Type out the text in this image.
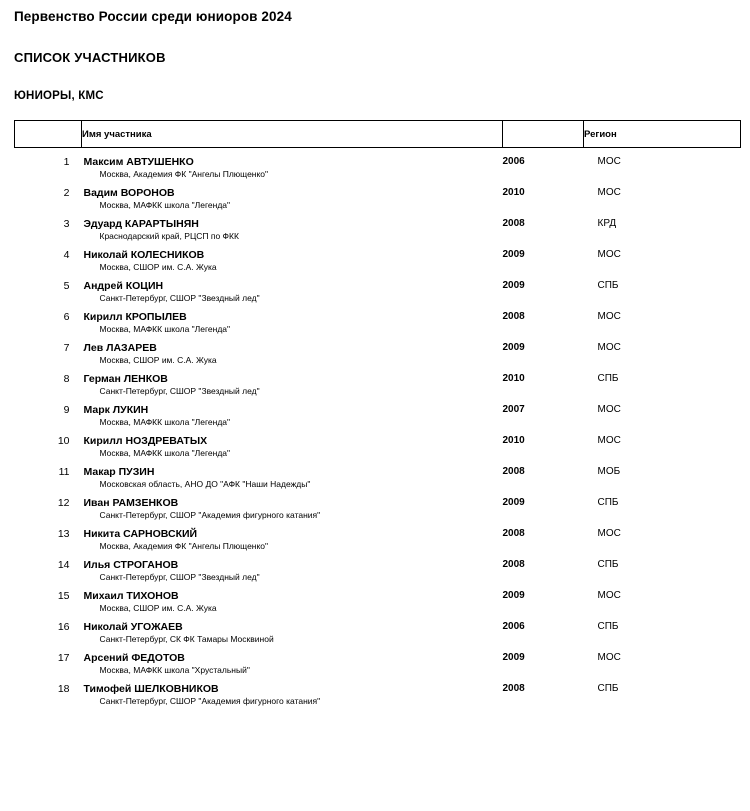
Первенство России среди юниоров 2024
СПИСОК УЧАСТНИКОВ
ЮНИОРЫ, КМС
	Имя участника		Регион
1	Максим АВТУШЕНКО	2006	МОС
	Москва, Академия ФК "Ангелы Плющенко"		
2	Вадим ВОРОНОВ	2010	МОС
	Москва, МАФКК школа "Легенда"		
3	Эдуард КАРАРТЫНЯН	2008	КРД
	Краснодарский край, РЦСП по ФКК		
4	Николай КОЛЕСНИКОВ	2009	МОС
	Москва, СШОР им. С.А. Жука		
5	Андрей КОЦИН	2009	СПБ
	Санкт-Петербург, СШОР "Звездный лед"		
6	Кирилл КРОПЫЛЕВ	2008	МОС
	Москва, МАФКК школа "Легенда"		
7	Лев ЛАЗАРЕВ	2009	МОС
	Москва, СШОР им. С.А. Жука		
8	Герман ЛЕНКОВ	2010	СПБ
	Санкт-Петербург, СШОР "Звездный лед"		
9	Марк ЛУКИН	2007	МОС
	Москва, МАФКК школа "Легенда"		
10	Кирилл НОЗДРЕВАТЫХ	2010	МОС
	Москва, МАФКК школа "Легенда"		
11	Макар ПУЗИН	2008	МОБ
	Московская область, АНО ДО "АФК "Наши Надежды"		
12	Иван РАМЗЕНКОВ	2009	СПБ
	Санкт-Петербург, СШОР "Академия фигурного катания"		
13	Никита САРНОВСКИЙ	2008	МОС
	Москва, Академия ФК "Ангелы Плющенко"		
14	Илья СТРОГАНОВ	2008	СПБ
	Санкт-Петербург, СШОР "Звездный лед"		
15	Михаил ТИХОНОВ	2009	МОС
	Москва, СШОР им. С.А. Жука		
16	Николай УГОЖАЕВ	2006	СПБ
	Санкт-Петербург, СК ФК Тамары Москвиной		
17	Арсений ФЕДОТОВ	2009	МОС
	Москва, МАФКК школа "Хрустальный"		
18	Тимофей ШЕЛКОВНИКОВ	2008	СПБ
	Санкт-Петербург, СШОР "Академия фигурного катания"		
